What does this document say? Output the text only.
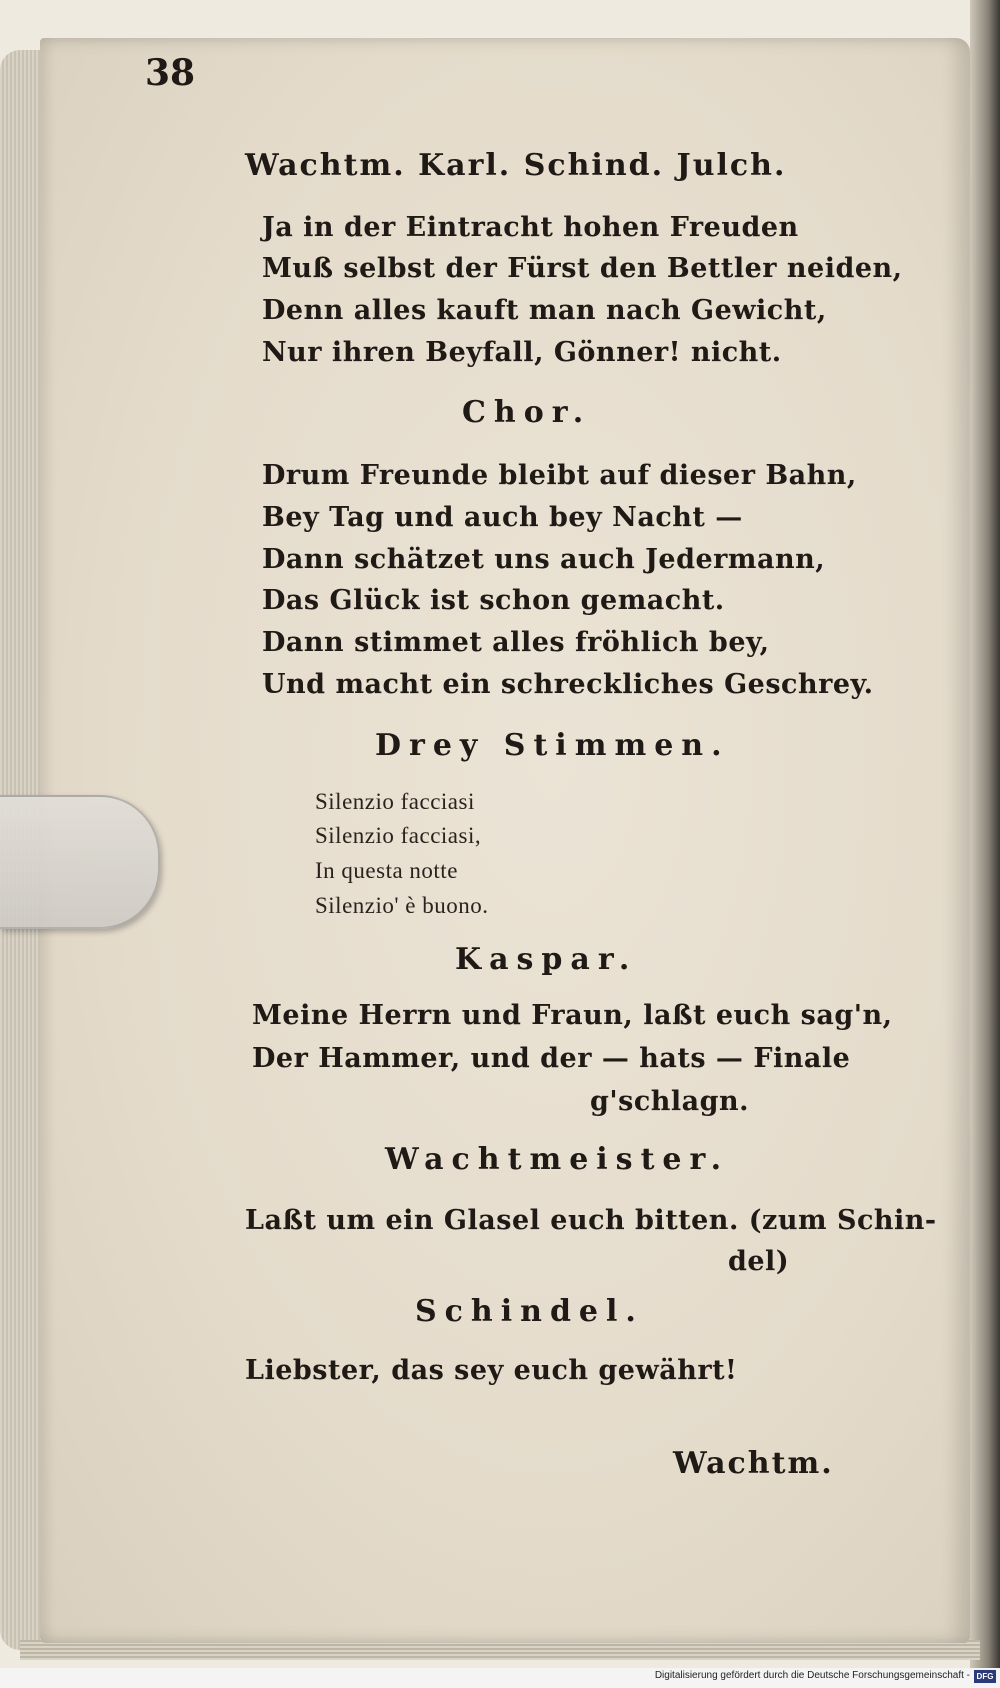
38
Wachtm. Karl. Schind. Julch.
Ja in der Eintracht hohen Freuden
Muß selbst der Fürst den Bettler neiden,
Denn alles kauft man nach Gewicht,
Nur ihren Beyfall, Gönner! nicht.
Chor.
Drum Freunde bleibt auf dieser Bahn,
Bey Tag und auch bey Nacht —
Dann schätzet uns auch Jedermann,
Das Glück ist schon gemacht.
Dann stimmet alles fröhlich bey,
Und macht ein schreckliches Geschrey.
Drey Stimmen.
Silenzio facciasi
Silenzio facciasi,
In questa notte
Silenzio' è buono.
Kaspar.
Meine Herrn und Fraun, laßt euch sag'n,
Der Hammer, und der — hats — Finale
g'schlagn.
Wachtmeister.
Laßt um ein Glasel euch bitten. (zum Schin-
del)
Schindel.
Liebster, das sey euch gewährt!
Wachtm.
Digitalisierung gefördert durch die Deutsche Forschungsgemeinschaft - DFG
